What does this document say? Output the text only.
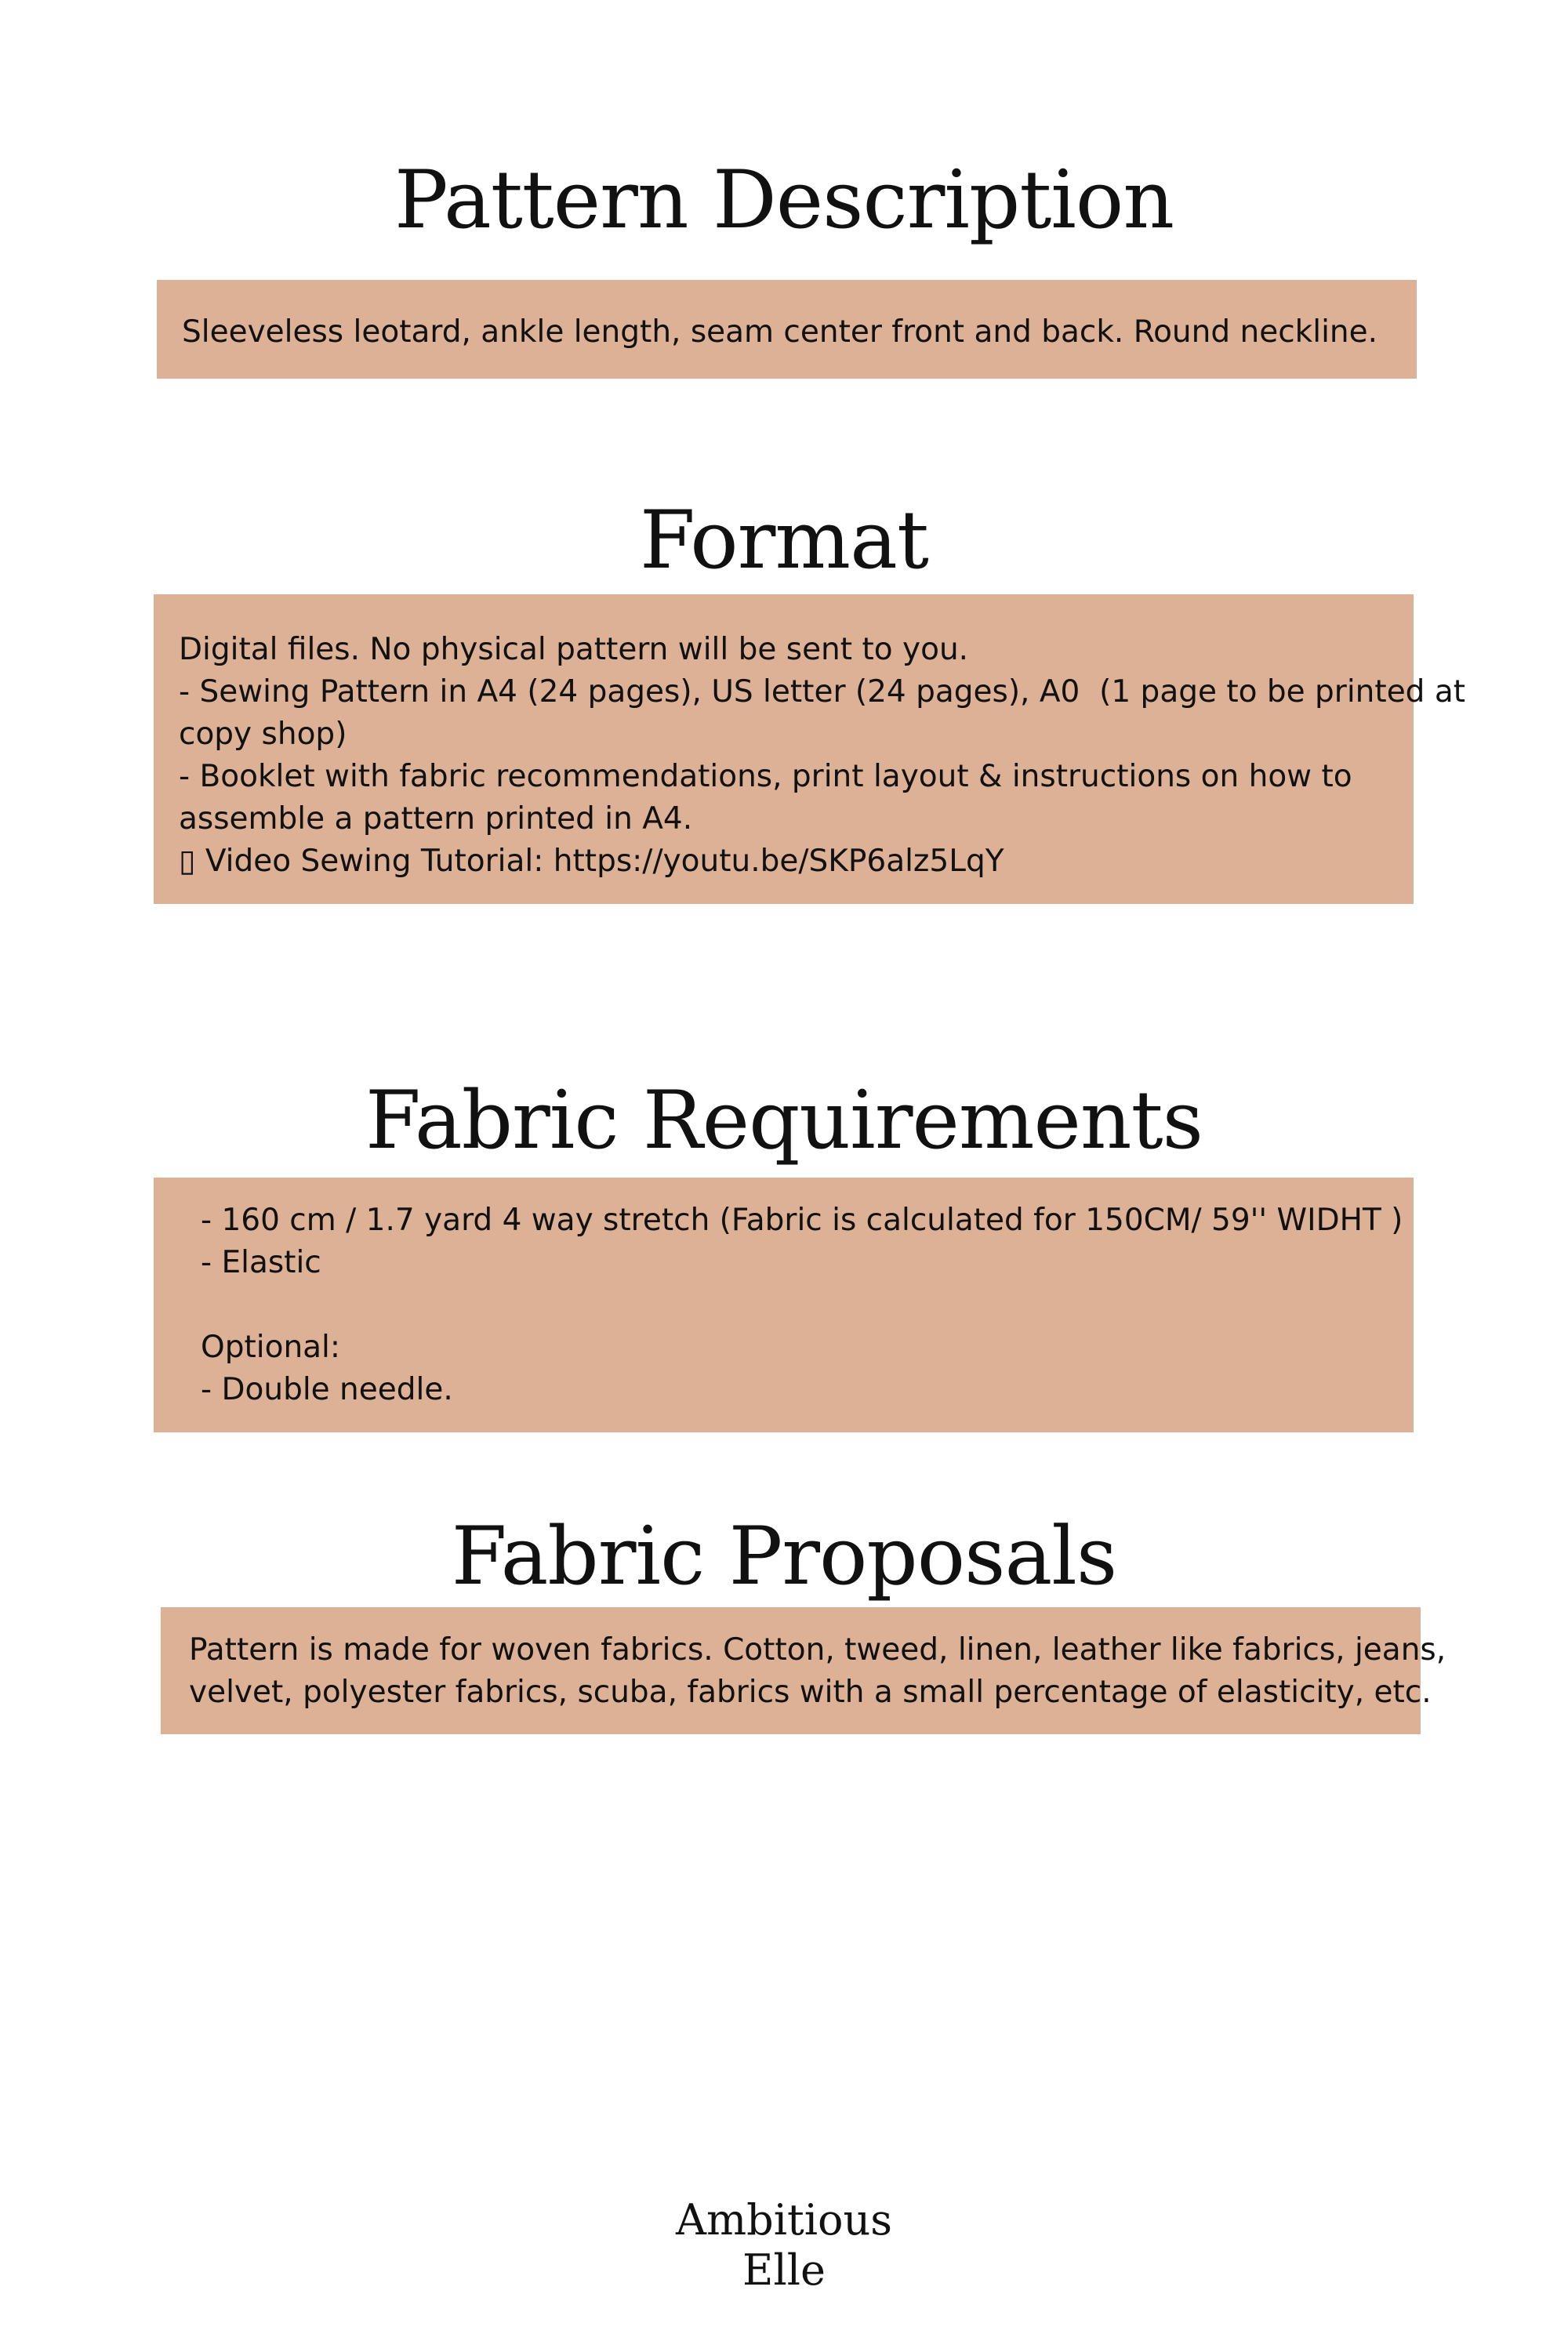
Pattern Description
Sleeveless leotard, ankle length, seam center front and back. Round neckline.
Format
Digital files. No physical pattern will be sent to you.
- Sewing Pattern in A4 (24 pages), US letter (24 pages), A0  (1 page to be printed at
copy shop)
- Booklet with fabric recommendations, print layout & instructions on how to
assemble a pattern printed in A4.
▯ Video Sewing Tutorial: https://youtu.be/SKP6alz5LqY
Fabric Requirements
- 160 cm / 1.7 yard 4 way stretch (Fabric is calculated for 150CM/ 59'' WIDHT )
- Elastic

Optional:
- Double needle.
Fabric Proposals
Pattern is made for woven fabrics. Cotton, tweed, linen, leather like fabrics, jeans,
velvet, polyester fabrics, scuba, fabrics with a small percentage of elasticity, etc.
Ambitious
Elle
